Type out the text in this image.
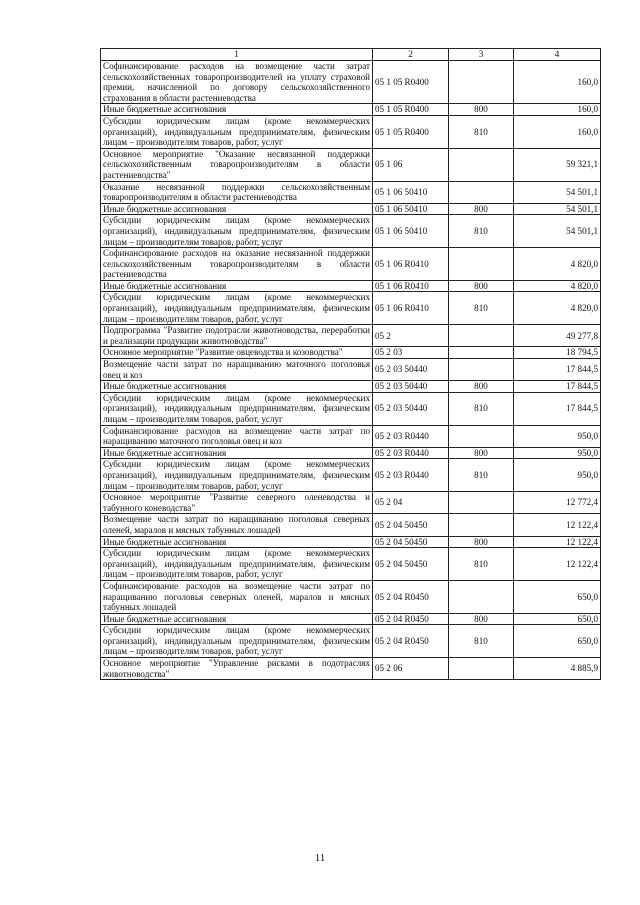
1	2	3	4
Софинансирование расходов на возмещение части затрат сельскохозяйственных товаропроизводителей на уплату страховой премии, начисленной по договору сельскохозяйственного страхования в области растениеводства	05 1 05 R0400		160,0
Иные бюджетные ассигнования	05 1 05 R0400	800	160,0
Субсидии юридическим лицам (кроме некоммерческих организаций), индивидуальным предпринимателям, физическим лицам – производителям товаров, работ, услуг	05 1 05 R0400	810	160,0
Основное мероприятие "Оказание несвязанной поддержки сельскохозяйственным товаропроизводителям в области растениеводства"	05 1 06		59 321,1
Оказание несвязанной поддержки сельскохозяйственным товаропроизводителям в области растениеводства	05 1 06 50410		54 501,1
Иные бюджетные ассигнования	05 1 06 50410	800	54 501,1
Субсидии юридическим лицам (кроме некоммерческих организаций), индивидуальным предпринимателям, физическим лицам – производителям товаров, работ, услуг	05 1 06 50410	810	54 501,1
Софинансирование расходов на оказание несвязанной поддержки сельскохозяйственным товаропроизводителям в области растениеводства	05 1 06 R0410		4 820,0
Иные бюджетные ассигнования	05 1 06 R0410	800	4 820,0
Субсидии юридическим лицам (кроме некоммерческих организаций), индивидуальным предпринимателям, физическим лицам – производителям товаров, работ, услуг	05 1 06 R0410	810	4 820,0
Подпрограмма "Развитие подотрасли животноводства, переработки и реализации продукции животноводства"	05 2		49 277,8
Основное мероприятие "Развитие овцеводства и козоводства"	05 2 03		18 794,5
Возмещение части затрат по наращиванию маточного поголовья овец и коз	05 2 03 50440		17 844,5
Иные бюджетные ассигнования	05 2 03 50440	800	17 844,5
Субсидии юридическим лицам (кроме некоммерческих организаций), индивидуальным предпринимателям, физическим лицам – производителям товаров, работ, услуг	05 2 03 50440	810	17 844,5
Софинансирование расходов на возмещение части затрат по наращиванию маточного поголовья овец и коз	05 2 03 R0440		950,0
Иные бюджетные ассигнования	05 2 03 R0440	800	950,0
Субсидии юридическим лицам (кроме некоммерческих организаций), индивидуальным предпринимателям, физическим лицам – производителям товаров, работ, услуг	05 2 03 R0440	810	950,0
Основное мероприятие "Развитие северного оленеводства и табунного коневодства"	05 2 04		12 772,4
Возмещение части затрат по наращиванию поголовья северных оленей, маралов и мясных табунных лошадей	05 2 04 50450		12 122,4
Иные бюджетные ассигнования	05 2 04 50450	800	12 122,4
Субсидии юридическим лицам (кроме некоммерческих организаций), индивидуальным предпринимателям, физическим лицам – производителям товаров, работ, услуг	05 2 04 50450	810	12 122,4
Софинансирование расходов на возмещение части затрат по наращиванию поголовья северных оленей, маралов и мясных табунных лошадей	05 2 04 R0450		650,0
Иные бюджетные ассигнования	05 2 04 R0450	800	650,0
Субсидии юридическим лицам (кроме некоммерческих организаций), индивидуальным предпринимателям, физическим лицам – производителям товаров, работ, услуг	05 2 04 R0450	810	650,0
Основное мероприятие "Управление рисками в подотраслях животноводства"	05 2 06		4 885,9
11
